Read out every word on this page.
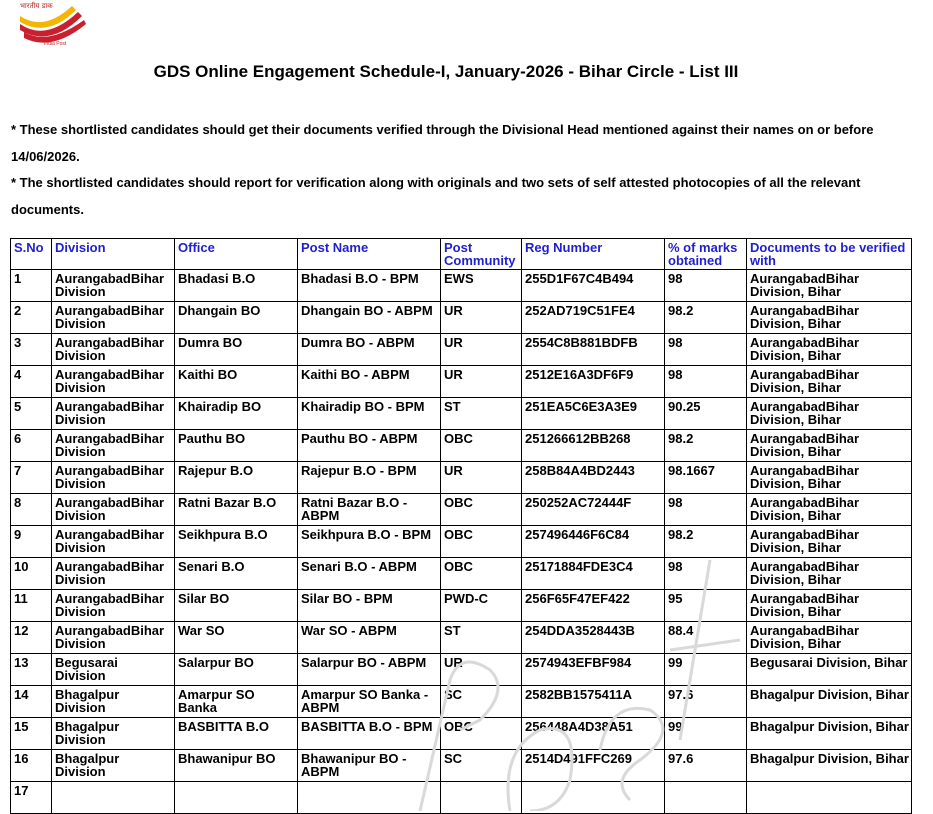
भारतीय डाक
India Post
GDS Online Engagement Schedule-I, January-2026 - Bihar Circle - List III

* These shortlisted candidates should get their documents verified through the Divisional Head mentioned against their names on or before 14/06/2026.

* The shortlisted candidates should report for verification along with originals and two sets of self attested photocopies of all the relevant documents.

S.No	Division	Office	Post Name	Post Community	Reg Number	% of marks obtained	Documents to be verified with
1	AurangabadBihar Division	Bhadasi B.O	Bhadasi B.O - BPM	EWS	255D1F67C4B494	98	AurangabadBihar Division, Bihar
2	AurangabadBihar Division	Dhangain BO	Dhangain BO - ABPM	UR	252AD719C51FE4	98.2	AurangabadBihar Division, Bihar
3	AurangabadBihar Division	Dumra BO	Dumra BO - ABPM	UR	2554C8B881BDFB	98	AurangabadBihar Division, Bihar
4	AurangabadBihar Division	Kaithi BO	Kaithi BO - ABPM	UR	2512E16A3DF6F9	98	AurangabadBihar Division, Bihar
5	AurangabadBihar Division	Khairadip BO	Khairadip BO - BPM	ST	251EA5C6E3A3E9	90.25	AurangabadBihar Division, Bihar
6	AurangabadBihar Division	Pauthu BO	Pauthu BO - ABPM	OBC	251266612BB268	98.2	AurangabadBihar Division, Bihar
7	AurangabadBihar Division	Rajepur B.O	Rajepur B.O - BPM	UR	258B84A4BD2443	98.1667	AurangabadBihar Division, Bihar
8	AurangabadBihar Division	Ratni Bazar B.O	Ratni Bazar B.O - ABPM	OBC	250252AC72444F	98	AurangabadBihar Division, Bihar
9	AurangabadBihar Division	Seikhpura B.O	Seikhpura B.O - BPM	OBC	257496446F6C84	98.2	AurangabadBihar Division, Bihar
10	AurangabadBihar Division	Senari B.O	Senari B.O - ABPM	OBC	25171884FDE3C4	98	AurangabadBihar Division, Bihar
11	AurangabadBihar Division	Silar BO	Silar BO - BPM	PWD-C	256F65F47EF422	95	AurangabadBihar Division, Bihar
12	AurangabadBihar Division	War SO	War SO - ABPM	ST	254DDA3528443B	88.4	AurangabadBihar Division, Bihar
13	Begusarai Division	Salarpur BO	Salarpur BO - ABPM	UR	2574943EFBF984	99	Begusarai Division, Bihar
14	Bhagalpur Division	Amarpur SO Banka	Amarpur SO Banka - ABPM	SC	2582BB1575411A	97.6	Bhagalpur Division, Bihar
15	Bhagalpur Division	BASBITTA B.O	BASBITTA B.O - BPM	OBC	256448A4D38A51	99	Bhagalpur Division, Bihar
16	Bhagalpur Division	Bhawanipur BO	Bhawanipur BO - ABPM	SC	2514D491FFC269	97.6	Bhagalpur Division, Bihar
17							
